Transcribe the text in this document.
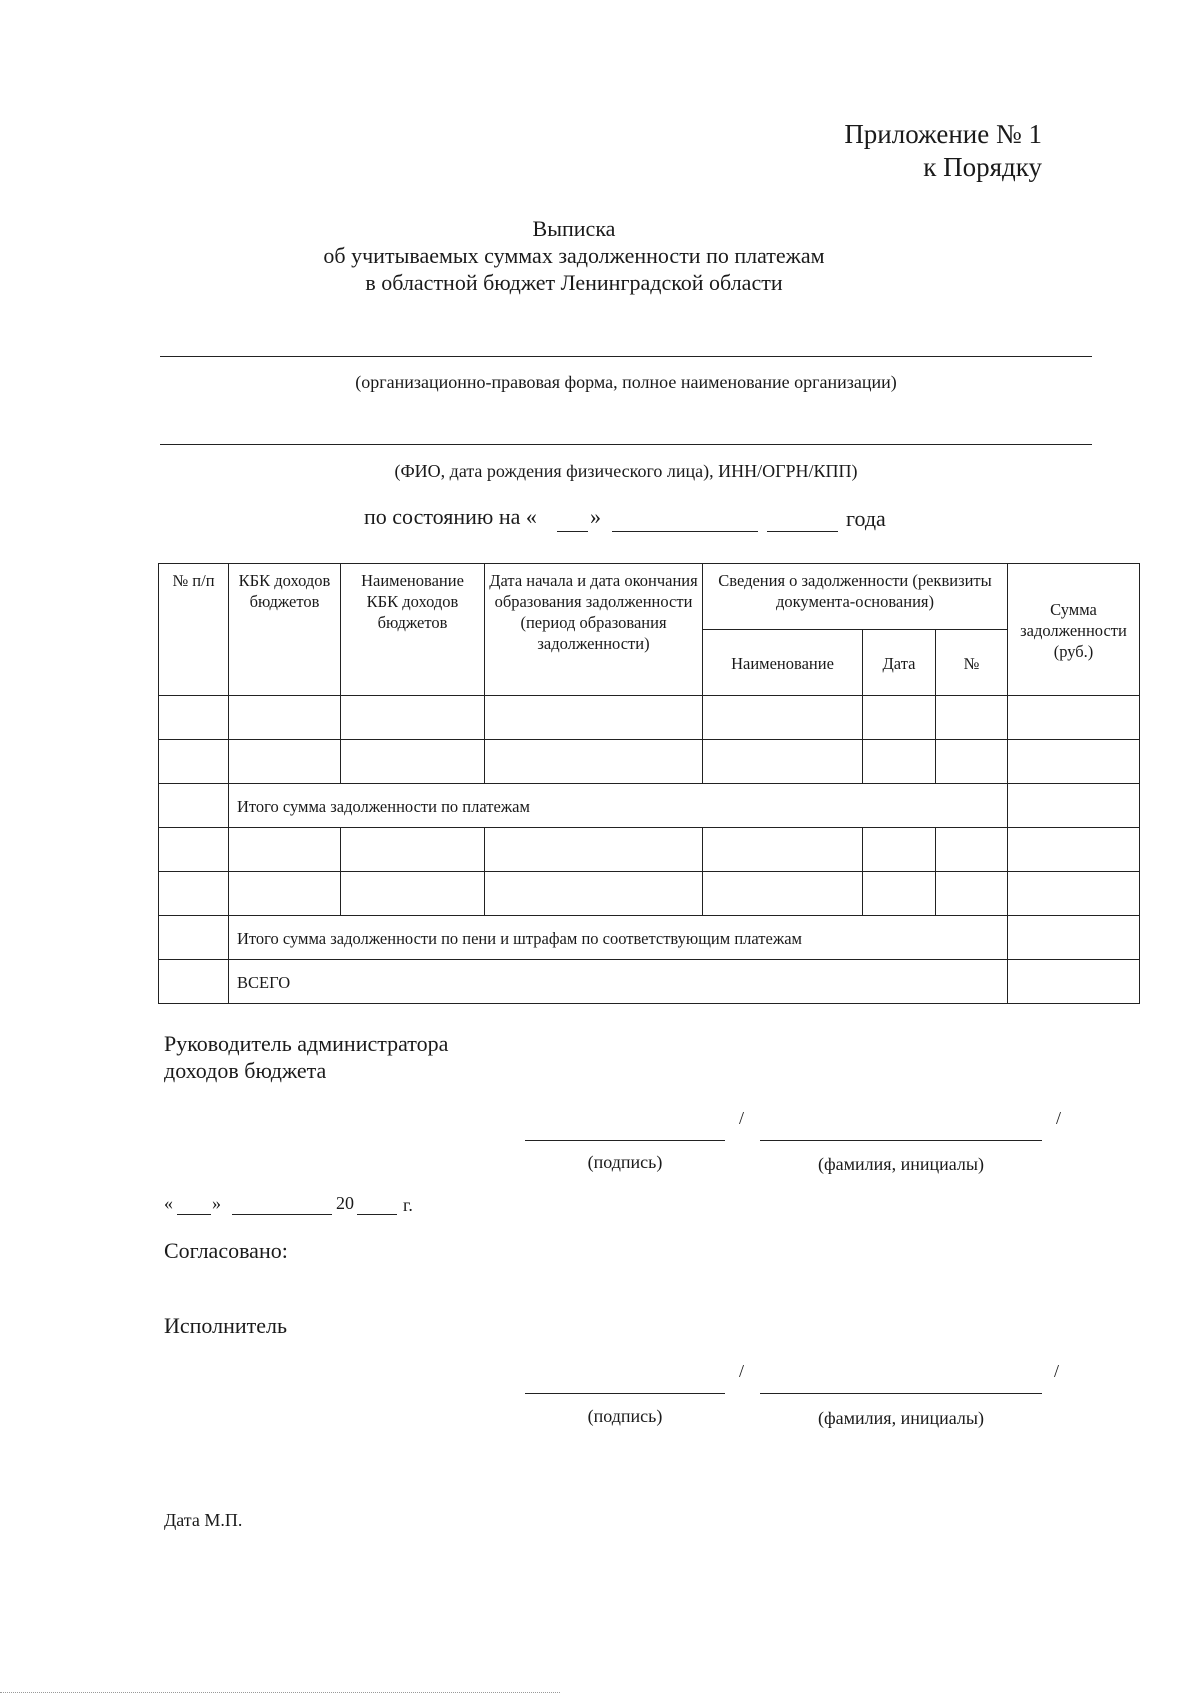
Приложение № 1
к Порядку
Выписка
об учитываемых суммах задолженности по платежам
в областной бюджет Ленинградской области
(организационно-правовая форма, полное наименование организации)
(ФИО, дата рождения физического лица), ИНН/ОГРН/КПП)
по состоянию на « »	года
№ п/п	КБК доходов бюджетов	Наименование КБК доходов бюджетов	Дата начала и дата окончания образования задолженности (период образования задолженности)	Сведения о задолженности (реквизиты документа-основания)			Сумма задолженности (руб.)
				Наименование	Дата	№	

	Итого сумма задолженности по платежам						

	Итого сумма задолженности по пени и штрафам по соответствующим платежам						
	ВСЕГО						
Руководитель администратора
доходов бюджета
/	/
(подпись)	(фамилия, инициалы)
« »	20	г.
Согласовано:
Исполнитель
/	/
(подпись)	(фамилия, инициалы)
Дата М.П.
